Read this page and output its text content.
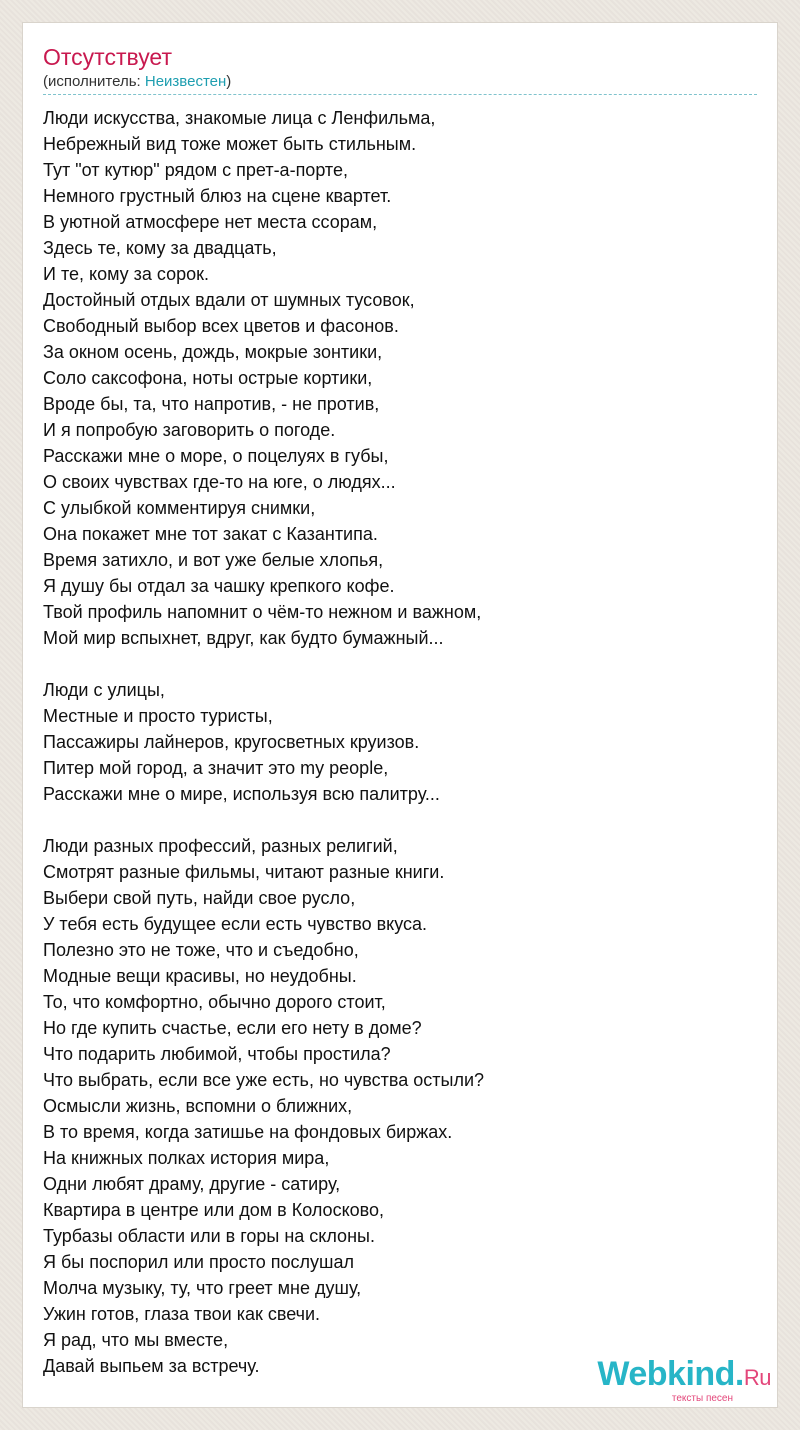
Отсутствует
(исполнитель: Неизвестен)
Люди искусства, знакомые лица с Ленфильма,
Небрежный вид тоже может быть стильным.
Тут "от кутюр" рядом с прет-а-порте,
Немного грустный блюз на сцене квартет.
В уютной атмосфере нет места ссорам,
Здесь те, кому за двадцать,
И те, кому за сорок.
Достойный отдых вдали от шумных тусовок,
Свободный выбор всех цветов и фасонов.
За окном осень, дождь, мокрые зонтики,
Соло саксофона, ноты острые кортики,
Вроде бы, та, что напротив, - не против,
И я попробую заговорить о погоде.
Расскажи мне о море, о поцелуях в губы,
О своих чувствах где-то на юге, о людях...
С улыбкой комментируя снимки,
Она покажет мне тот закат с Казантипа.
Время затихло, и вот уже белые хлопья,
Я душу бы отдал за чашку крепкого кофе.
Твой профиль напомнит о чём-то нежном и важном,
Мой мир вспыхнет, вдруг, как будто бумажный...
Люди с улицы,
Местные и просто туристы,
Пассажиры лайнеров, кругосветных круизов.
Питер мой город, а значит это my people,
Расскажи мне о мире, используя всю палитру...
Люди разных профессий, разных религий,
Смотрят разные фильмы, читают разные книги.
Выбери свой путь, найди свое русло,
У тебя есть будущее если есть чувство вкуса.
Полезно это не тоже, что и съедобно,
Модные вещи красивы, но неудобны.
То, что комфортно, обычно дорого стоит,
Но где купить счастье, если его нету в доме?
Что подарить любимой, чтобы простила?
Что выбрать, если все уже есть, но чувства остыли?
Осмысли жизнь, вспомни о ближних,
В то время, когда затишье на фондовых биржах.
На книжных полках история мира,
Одни любят драму, другие - сатиру,
Квартира в центре или дом в Колосково,
Турбазы области или в горы на склоны.
Я бы поспорил или просто послушал
Молча музыку, ту, что греет мне душу,
Ужин готов, глаза твои как свечи.
Я рад, что мы вместе,
Давай выпьем за встречу.	Webkind.Ru
тексты песен
